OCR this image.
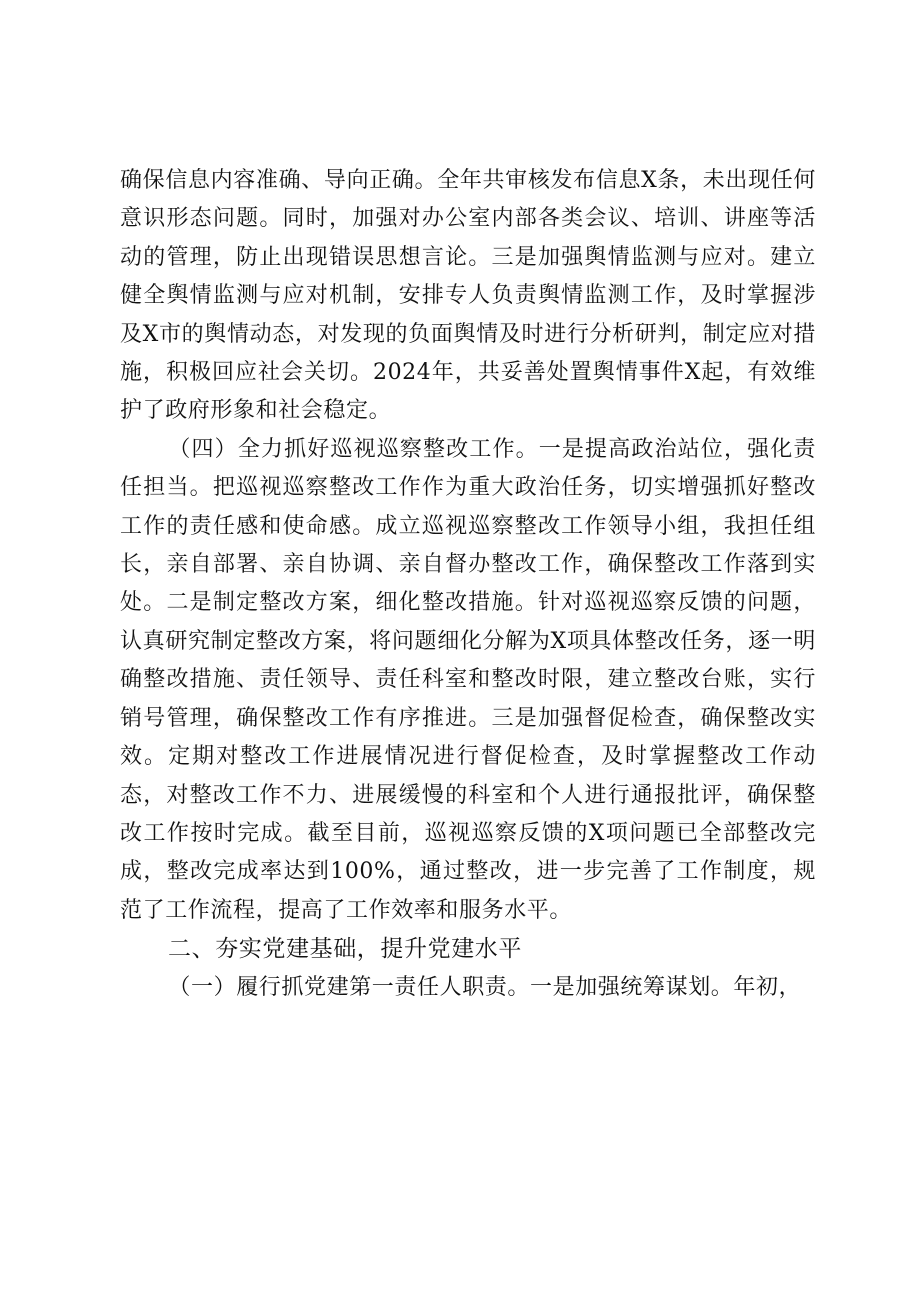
确保信息内容准确、导向正确。全年共审核发布信息X条，未出现任何意识形态问题。同时，加强对办公室内部各类会议、培训、讲座等活动的管理，防止出现错误思想言论。三是加强舆情监测与应对。建立健全舆情监测与应对机制，安排专人负责舆情监测工作，及时掌握涉及X市的舆情动态，对发现的负面舆情及时进行分析研判，制定应对措施，积极回应社会关切。2024年，共妥善处置舆情事件X起，有效维护了政府形象和社会稳定。

（四）全力抓好巡视巡察整改工作。一是提高政治站位，强化责任担当。把巡视巡察整改工作作为重大政治任务，切实增强抓好整改工作的责任感和使命感。成立巡视巡察整改工作领导小组，我担任组长，亲自部署、亲自协调、亲自督办整改工作，确保整改工作落到实处。二是制定整改方案，细化整改措施。针对巡视巡察反馈的问题，认真研究制定整改方案，将问题细化分解为X项具体整改任务，逐一明确整改措施、责任领导、责任科室和整改时限，建立整改台账，实行销号管理，确保整改工作有序推进。三是加强督促检查，确保整改实效。定期对整改工作进展情况进行督促检查，及时掌握整改工作动态，对整改工作不力、进展缓慢的科室和个人进行通报批评，确保整改工作按时完成。截至目前，巡视巡察反馈的X项问题已全部整改完成，整改完成率达到100%，通过整改，进一步完善了工作制度，规范了工作流程，提高了工作效率和服务水平。

二、夯实党建基础，提升党建水平

（一）履行抓党建第一责任人职责。一是加强统筹谋划。年初，
